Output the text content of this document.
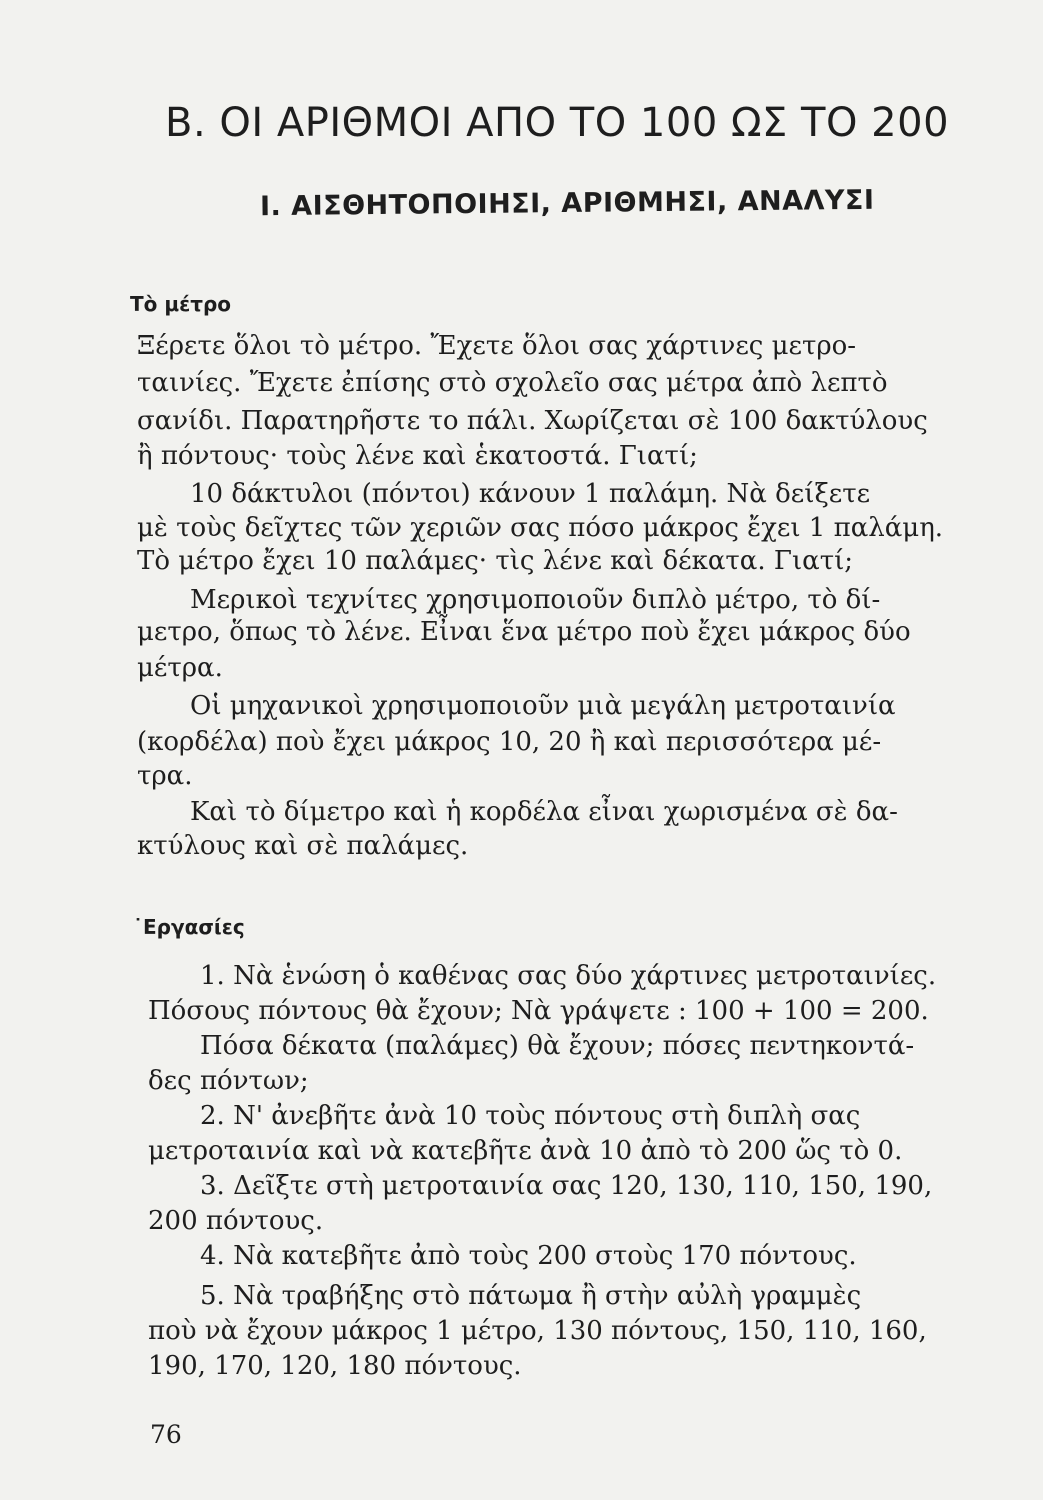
B. ΟΙ ΑΡΙΘΜΟΙ ΑΠΟ ΤΟ 100 ΩΣ ΤΟ 200
Ι. ΑΙΣΘΗΤΟΠΟΙΗΣΙ, ΑΡΙΘΜΗΣΙ, ΑΝΑΛΥΣΙ
Τὸ μέτρο

Ξέρετε ὅλοι τὸ μέτρο. Ἔχετε ὅλοι σας χάρτινες μετρο-

ταινίες. Ἔχετε ἐπίσης στὸ σχολεῖο σας μέτρα ἀπὸ λεπτὸ

σανίδι. Παρατηρῆστε το πάλι. Χωρίζεται σὲ 100 δακτύλους

ἢ πόντους· τοὺς λένε καὶ ἑκατοστά. Γιατί;

10 δάκτυλοι (πόντοι) κάνουν 1 παλάμη. Νὰ δείξετε

μὲ τοὺς δεῖχτες τῶν χεριῶν σας πόσο μάκρος ἔχει 1 παλάμη.

Τὸ μέτρο ἔχει 10 παλάμες· τὶς λένε καὶ δέκατα. Γιατί;

Μερικοὶ τεχνίτες χρησιμοποιοῦν διπλὸ μέτρο, τὸ δί-

μετρο, ὅπως τὸ λένε. Εἶναι ἕνα μέτρο ποὺ ἔχει μάκρος δύο

μέτρα.

Οἱ μηχανικοὶ χρησιμοποιοῦν μιὰ μεγάλη μετροταινία

(κορδέλα) ποὺ ἔχει μάκρος 10, 20 ἢ καὶ περισσότερα μέ-

τρα.

Καὶ τὸ δίμετρο καὶ ἡ κορδέλα εἶναι χωρισμένα σὲ δα-

κτύλους καὶ σὲ παλάμες.

˙Εργασίες

1. Νὰ ἑνώση ὁ καθένας σας δύο χάρτινες μετροταινίες.

Πόσους πόντους θὰ ἔχουν; Νὰ γράψετε : 100 + 100 = 200.

Πόσα δέκατα (παλάμες) θὰ ἔχουν; πόσες πεντηκοντά-

δες πόντων;

2. Ν' ἀνεβῆτε ἀνὰ 10 τοὺς πόντους στὴ διπλὴ σας

μετροταινία καὶ νὰ κατεβῆτε ἀνὰ 10 ἀπὸ τὸ 200 ὥς τὸ 0.

3. Δεῖξτε στὴ μετροταινία σας 120, 130, 110, 150, 190,

200 πόντους.

4. Νὰ κατεβῆτε ἀπὸ τοὺς 200 στοὺς 170 πόντους.

5. Νὰ τραβήξης στὸ πάτωμα ἢ στὴν αὐλὴ γραμμὲς

ποὺ νὰ ἔχουν μάκρος 1 μέτρο, 130 πόντους, 150, 110, 160,

190, 170, 120, 180 πόντους.

76
